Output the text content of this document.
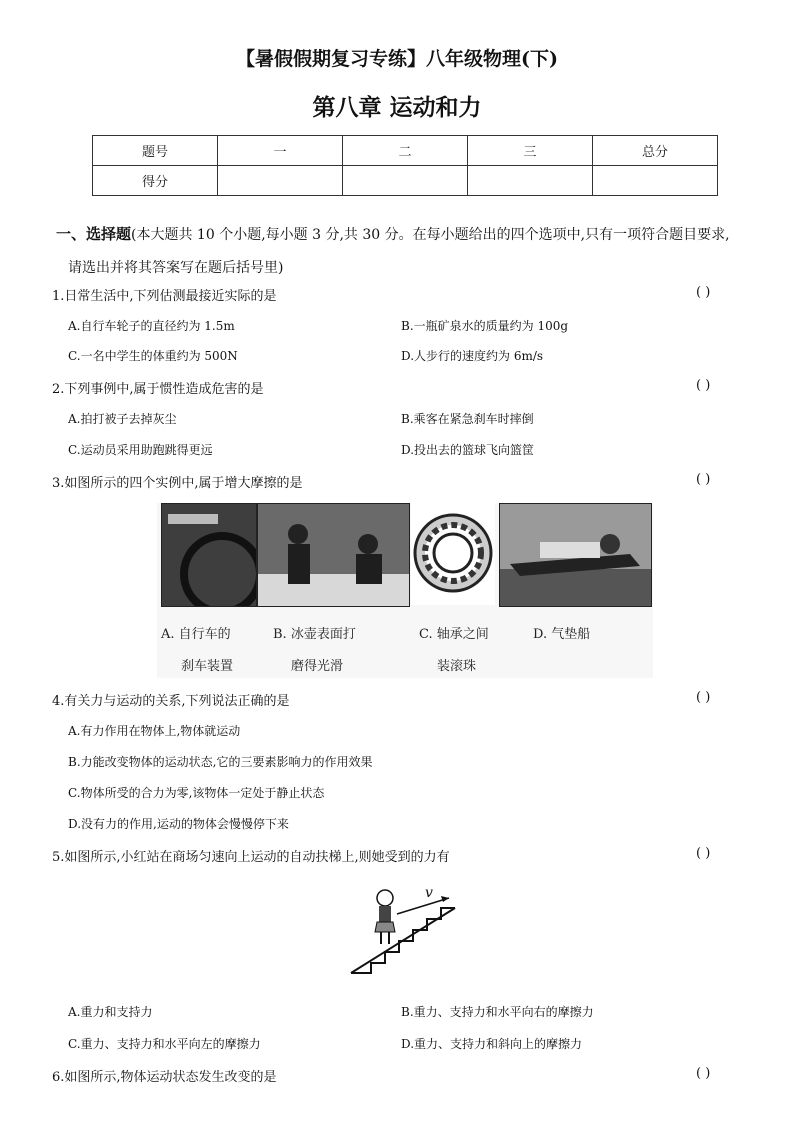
【暑假假期复习专练】八年级物理(下)
第八章 运动和力
题号	一	二	三	总分
得分				
一、选择题(本大题共 10 个小题,每小题 3 分,共 30 分。在每小题给出的四个选项中,只有一项符合题目要求,
请选出并将其答案写在题后括号里)
1.日常生活中,下列估测最接近实际的是	( )
A.自行车轮子的直径约为 1.5m	B.一瓶矿泉水的质量约为 100g
C.一名中学生的体重约为 500N	D.人步行的速度约为 6m/s
2.下列事例中,属于惯性造成危害的是	( )
A.拍打被子去掉灰尘	B.乘客在紧急刹车时摔倒
C.运动员采用助跑跳得更远	D.投出去的篮球飞向篮筐
3.如图所示的四个实例中,属于增大摩擦的是	( )
A. 自行车的
刹车装置
B. 冰壶表面打
磨得光滑
C. 轴承之间
装滚珠
D. 气垫船
4.有关力与运动的关系,下列说法正确的是	( )
A.有力作用在物体上,物体就运动
B.力能改变物体的运动状态,它的三要素影响力的作用效果
C.物体所受的合力为零,该物体一定处于静止状态
D.没有力的作用,运动的物体会慢慢停下来
5.如图所示,小红站在商场匀速向上运动的自动扶梯上,则她受到的力有	( )
v
A.重力和支持力	B.重力、支持力和水平向右的摩擦力
C.重力、支持力和水平向左的摩擦力	D.重力、支持力和斜向上的摩擦力
6.如图所示,物体运动状态发生改变的是	( )
